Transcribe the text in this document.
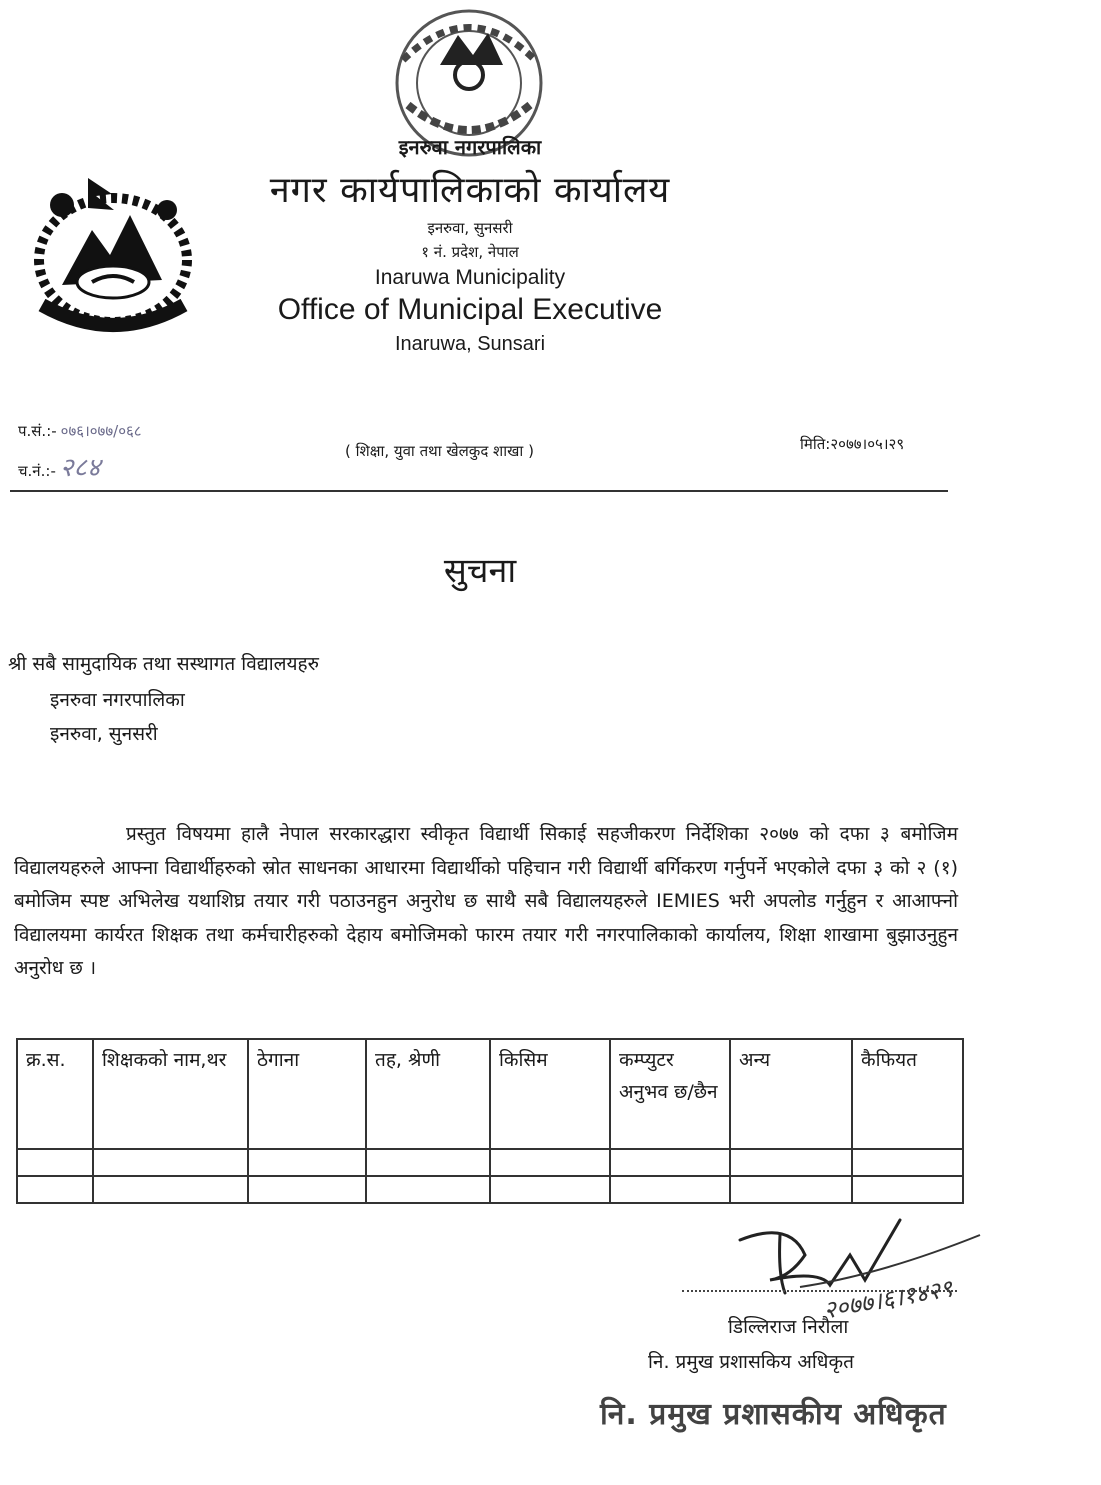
इनरुवा नगरपालिका
नगर कार्यपालिकाको कार्यालय
इनरुवा, सुनसरी
१ नं. प्रदेश, नेपाल
Inaruwa Municipality
Office of Municipal Executive
Inaruwa, Sunsari
प.सं.:- ०७६।०७७/०६८
च.नं.:- २८४
( शिक्षा, युवा तथा खेलकुद शाखा )	मिति:२०७७।०५।२९
सुचना
श्री सबै सामुदायिक तथा सस्थागत विद्यालयहरु
इनरुवा नगरपालिका
इनरुवा, सुनसरी
प्रस्तुत विषयमा हालै नेपाल सरकारद्धारा स्वीकृत विद्यार्थी सिकाई सहजीकरण निर्देशिका २०७७ को दफा ३ बमोजिम विद्यालयहरुले आफ्ना विद्यार्थीहरुको स्रोत साधनका आधारमा विद्यार्थीको पहिचान गरी विद्यार्थी बर्गिकरण गर्नुपर्ने भएकोले दफा ३ को २ (१) बमोजिम स्पष्ट अभिलेख यथाशिघ्र तयार गरी पठाउनहुन अनुरोध छ साथै सबै विद्यालयहरुले IEMIES भरी अपलोड गर्नुहुन र आआफ्नो विद्यालयमा कार्यरत शिक्षक तथा कर्मचारीहरुको देहाय बमोजिमको फारम तयार गरी नगरपालिकाको कार्यालय, शिक्षा शाखामा बुझाउनुहुन अनुरोध छ ।
क्र.स.	शिक्षकको नाम,थर	ठेगाना	तह, श्रेणी	किसिम	कम्प्युटर अनुभव छ/छैन	अन्य	कैफियत

२०७७।६।१४२९
डिल्लिराज निरौला
नि. प्रमुख प्रशासकिय अधिकृत
नि. प्रमुख प्रशासकीय अधिकृत
